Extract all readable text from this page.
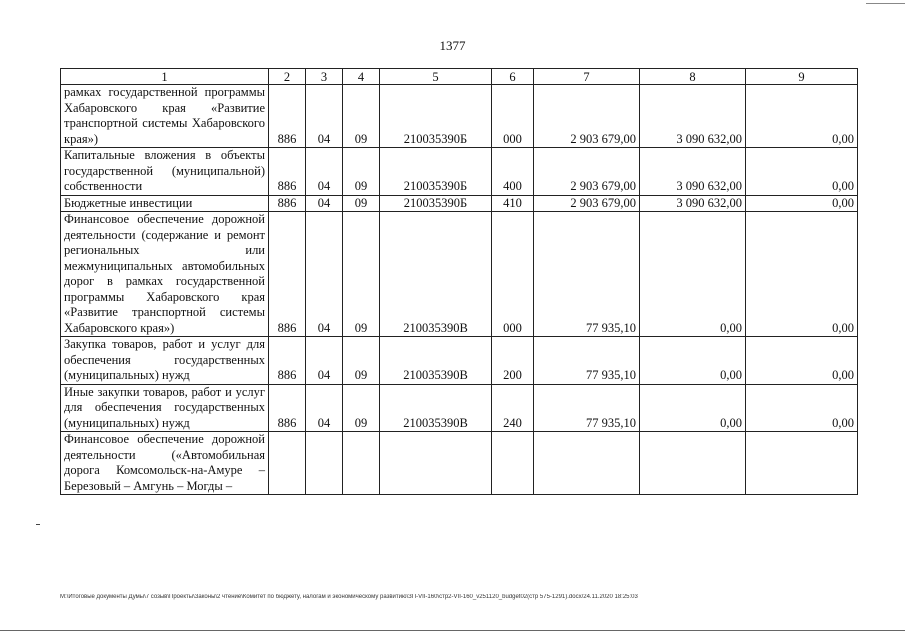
1377
1	2	3	4	5	6	7	8	9
рамках государственной программы Хабаровского края «Развитие транспортной системы Хабаровского края»)	886	04	09	210035390Б	000	2 903 679,00	3 090 632,00	0,00
Капитальные вложения в объекты государственной (муниципальной) собственности	886	04	09	210035390Б	400	2 903 679,00	3 090 632,00	0,00
Бюджетные инвестиции	886	04	09	210035390Б	410	2 903 679,00	3 090 632,00	0,00
Финансовое обеспечение дорожной деятельности (содержание и ремонт региональных или межмуниципальных автомобильных дорог в рамках государственной программы Хабаровского края «Развитие транспортной системы Хабаровского края»)	886	04	09	210035390В	000	77 935,10	0,00	0,00
Закупка товаров, работ и услуг для обеспечения государственных (муниципальных) нужд	886	04	09	210035390В	200	77 935,10	0,00	0,00
Иные закупки товаров, работ и услуг для обеспечения государственных (муниципальных) нужд	886	04	09	210035390В	240	77 935,10	0,00	0,00
Финансовое обеспечение дорожной деятельности («Автомобильная дорога Комсомольск-на-Амуре – Березовый – Амгунь – Могды –								
M:\Итоговые документы Думы\7 созыв\Проекты\Законы\2 чтение\Комитет по бюджету, налогам и экономическому развитию\ЗП-VII-160\стр2-VII-160_v251120_budget02(стр 575-1291).docx/24.11.2020 18:25:03
